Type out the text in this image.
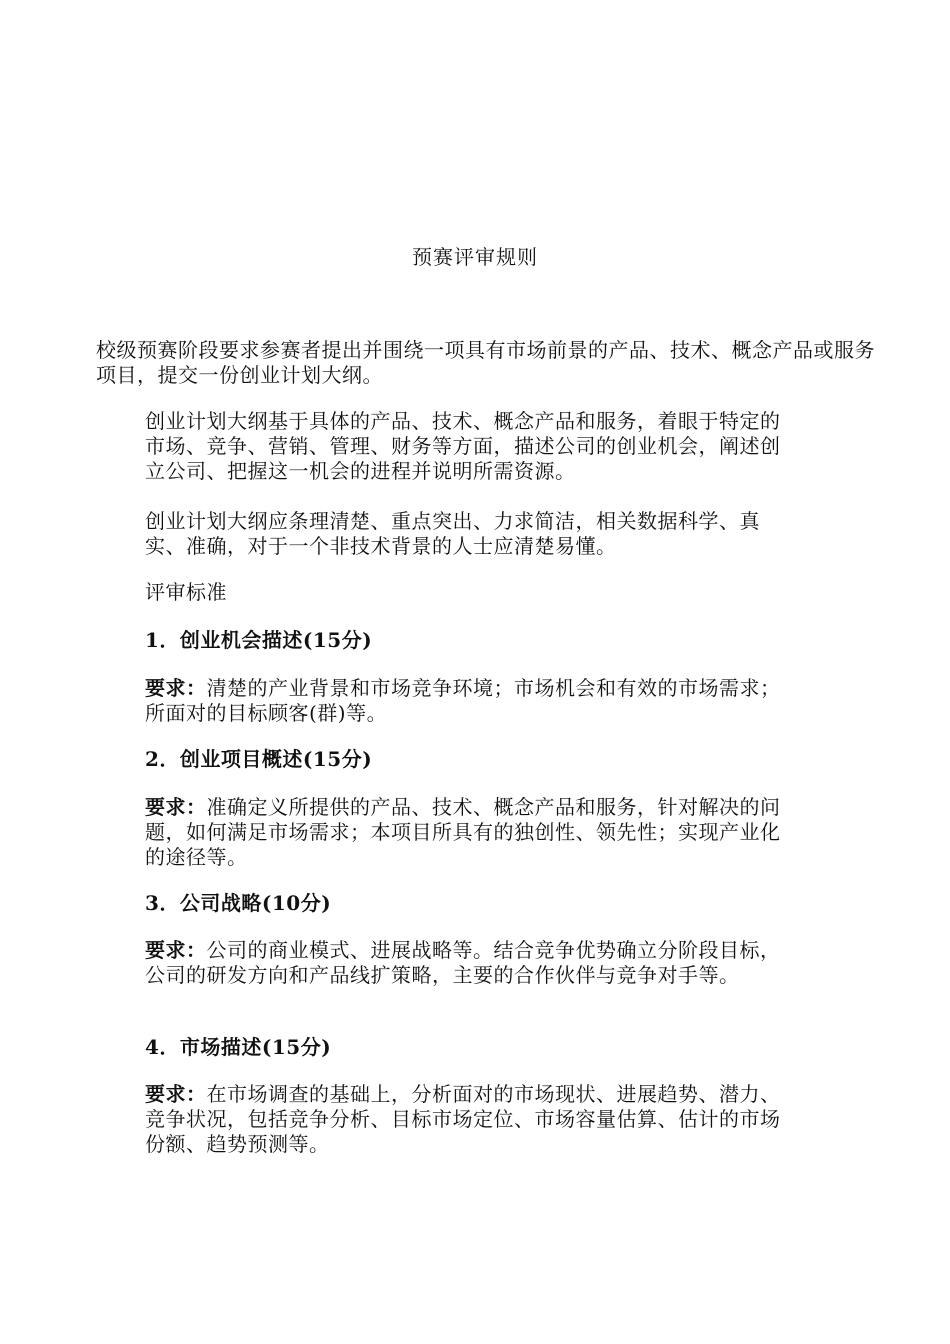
预赛评审规则

校级预赛阶段要求参赛者提出并围绕一项具有市场前景的产品、技术、概念产品或服务项目，提交一份创业计划大纲。

创业计划大纲基于具体的产品、技术、概念产品和服务，着眼于特定的市场、竞争、营销、管理、财务等方面，描述公司的创业机会，阐述创立公司、把握这一机会的进程并说明所需资源。

创业计划大纲应条理清楚、重点突出、力求简洁，相关数据科学、真实、准确，对于一个非技术背景的人士应清楚易懂。

评审标准

1．创业机会描述(15分)

要求：清楚的产业背景和市场竞争环境；市场机会和有效的市场需求；所面对的目标顾客(群)等。

2．创业项目概述(15分)

要求：准确定义所提供的产品、技术、概念产品和服务，针对解决的问题，如何满足市场需求；本项目所具有的独创性、领先性；实现产业化的途径等。

3．公司战略(10分)

要求：公司的商业模式、进展战略等。结合竞争优势确立分阶段目标，公司的研发方向和产品线扩策略，主要的合作伙伴与竞争对手等。

4．市场描述(15分)

要求：在市场调查的基础上，分析面对的市场现状、进展趋势、潜力、竞争状况，包括竞争分析、目标市场定位、市场容量估算、估计的市场份额、趋势预测等。
